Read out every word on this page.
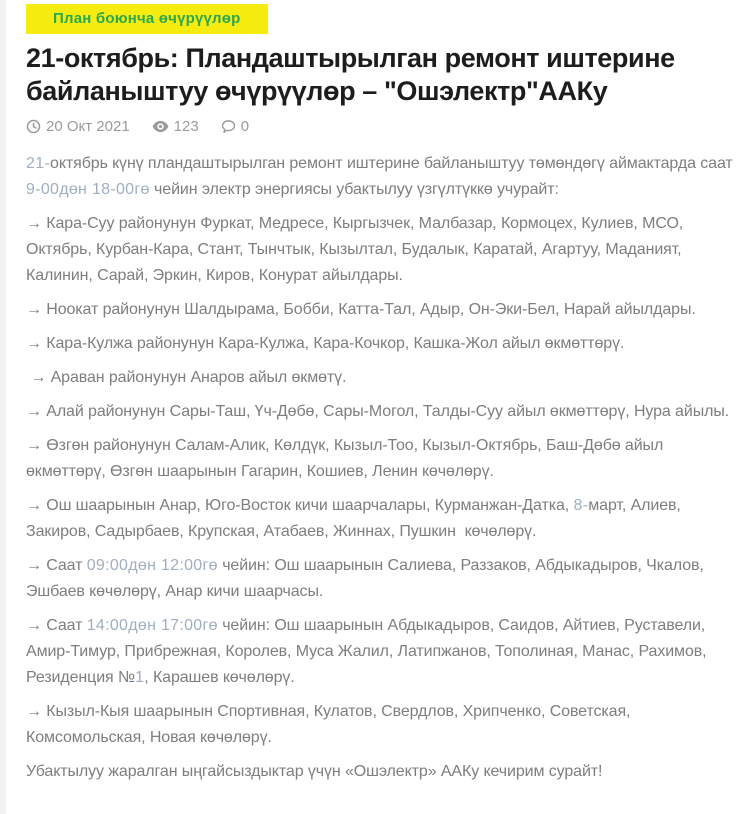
План боюнча өчүрүүлөр
21-октябрь: Пландаштырылган ремонт иштерине байланыштуу өчүрүүлөр – "Ошэлектр"ААКу
20 Окт 2021	123	0

21-октябрь күнү пландаштырылган ремонт иштерине байланыштуу төмөндөгү аймактарда саат 9-00дөн 18-00гө чейин электр энергиясы убактылуу үзгүлтүккө учурайт:

→ Кара-Суу районунун Фуркат, Медресе, Кыргызчек, Малбазар, Кормоцех, Кулиев, МСО, Октябрь, Курбан-Кара, Стант, Тынчтык, Кызылтал, Будалык, Каратай, Агартуу, Маданият, Калинин, Сарай, Эркин, Киров, Конурат айылдары.

→ Ноокат районунун Шалдырама, Бобби, Катта-Тал, Адыр, Он-Эки-Бел, Нарай айылдары.

→ Кара-Кулжа районунун Кара-Кулжа, Кара-Кочкор, Кашка-Жол айыл өкмөттөрү.

→ Араван районунун Анаров айыл өкмөтү.

→ Алай районунун Сары-Таш, Үч-Дөбө, Сары-Могол, Талды-Суу айыл өкмөттөрү, Нура айылы.

→ Өзгөн районунун Салам-Алик, Көлдүк, Кызыл-Тоо, Кызыл-Октябрь, Баш-Дөбө айыл өкмөттөрү, Өзгөн шаарынын Гагарин, Кошиев, Ленин көчөлөрү.

→ Ош шаарынын Анар, Юго-Восток кичи шаарчалары, Курманжан-Датка, 8-март, Алиев, Закиров, Садырбаев, Крупская, Атабаев, Жиннах, Пушкин  көчөлөрү.

→ Саат 09:00дөн 12:00гө чейин: Ош шаарынын Салиева, Раззаков, Абдыкадыров, Чкалов, Эшбаев көчөлөрү, Анар кичи шаарчасы.

→ Саат 14:00дөн 17:00гө чейин: Ош шаарынын Абдыкадыров, Саидов, Айтиев, Руставели, Амир-Тимур, Прибрежная, Королев, Муса Жалил, Латипжанов, Тополиная, Манас, Рахимов, Резиденция №1, Карашев көчөлөрү.

→ Кызыл-Кыя шаарынын Спортивная, Кулатов, Свердлов, Хрипченко, Советская, Комсомольская, Новая көчөлөрү.

Убактылуу жаралган ыңгайсыздыктар үчүн «Ошэлектр» ААКу кечирим сурайт!
